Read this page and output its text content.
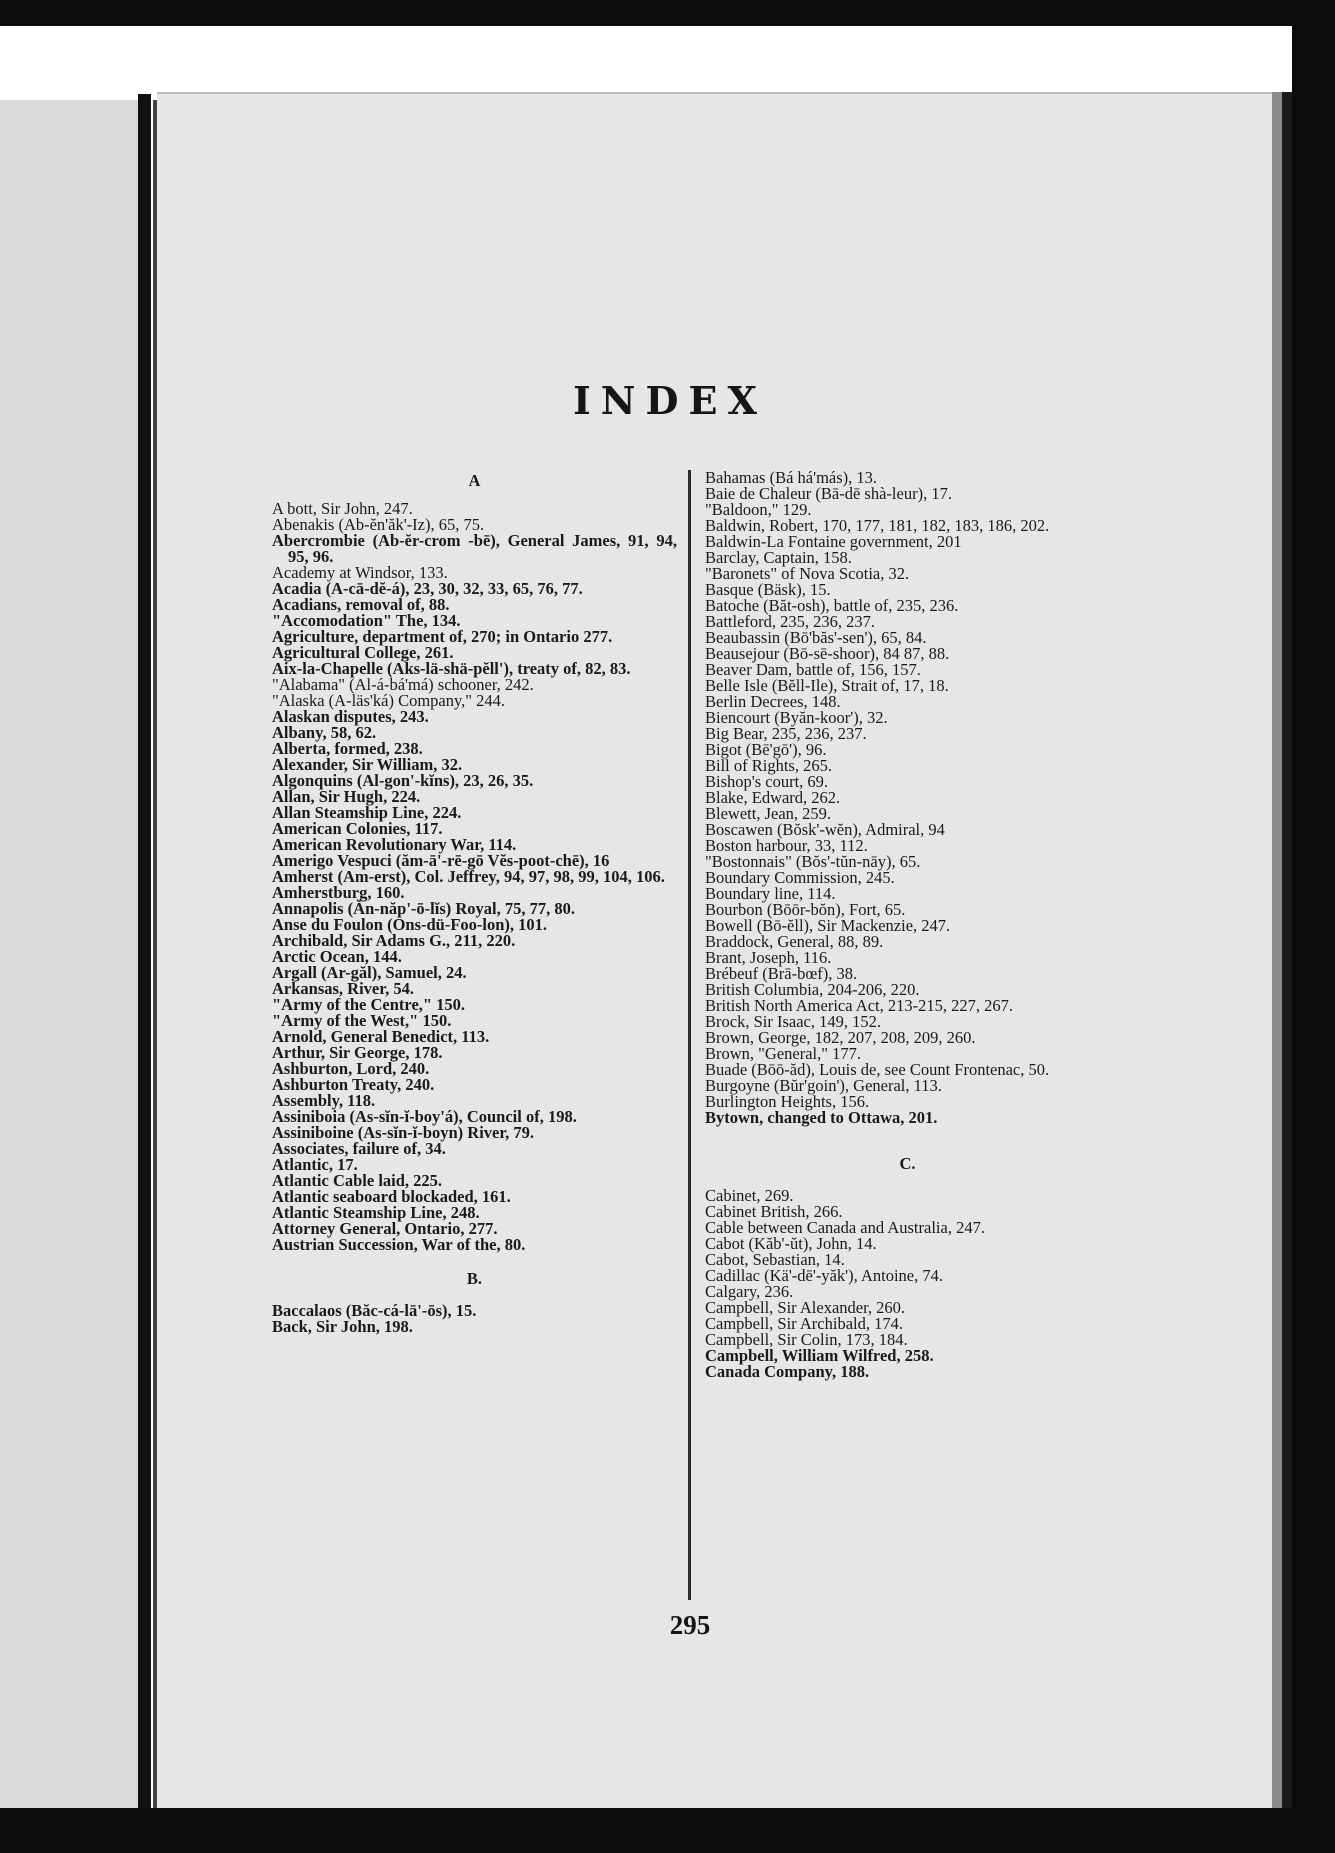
INDEX

A

A bott, Sir John, 247.

Abenakis (Ab-ĕn'ăk'-Iz), 65, 75.

Abercrombie (Ab-ĕr-crom -bē), General James, 91, 94, 95, 96.

Academy at Windsor, 133.

Acadia (A-cā-dĕ-á), 23, 30, 32, 33, 65, 76, 77.

Acadians, removal of, 88.

"Accomodation" The, 134.

Agriculture, department of, 270; in Ontario 277.

Agricultural College, 261.

Aix-la-Chapelle (Aks-lä-shä-pĕll'), treaty of, 82, 83.

"Alabama" (Al-á-bá'má) schooner, 242.

"Alaska (A-läs'ká) Company," 244.

Alaskan disputes, 243.

Albany, 58, 62.

Alberta, formed, 238.

Alexander, Sir William, 32.

Algonquins (Al-gon'-kĭns), 23, 26, 35.

Allan, Sir Hugh, 224.

Allan Steamship Line, 224.

American Colonies, 117.

American Revolutionary War, 114.

Amerigo Vespuci (ăm-ā'-rē-gō Vĕs-poot-chē), 16

Amherst (Am-erst), Col. Jeffrey, 94, 97, 98, 99, 104, 106.

Amherstburg, 160.

Annapolis (Ăn-năp'-ō-lĭs) Royal, 75, 77, 80.

Anse du Foulon (Ons-dü-Foo-lon), 101.

Archibald, Sir Adams G., 211, 220.

Arctic Ocean, 144.

Argall (Ar-găl), Samuel, 24.

Arkansas, River, 54.

"Army of the Centre," 150.

"Army of the West," 150.

Arnold, General Benedict, 113.

Arthur, Sir George, 178.

Ashburton, Lord, 240.

Ashburton Treaty, 240.

Assembly, 118.

Assiniboia (As-sĭn-ĭ-boy'á), Council of, 198.

Assiniboine (As-sĭn-ĭ-boyn) River, 79.

Associates, failure of, 34.

Atlantic, 17.

Atlantic Cable laid, 225.

Atlantic seaboard blockaded, 161.

Atlantic Steamship Line, 248.

Attorney General, Ontario, 277.

Austrian Succession, War of the, 80.

B.

Baccalaos (Băc-cá-lā'-ōs), 15.

Back, Sir John, 198.

Bahamas (Bá há'más), 13.

Baie de Chaleur (Bā-dē shà-leur), 17.

"Baldoon," 129.

Baldwin, Robert, 170, 177, 181, 182, 183, 186, 202.

Baldwin-La Fontaine government, 201

Barclay, Captain, 158.

"Baronets" of Nova Scotia, 32.

Basque (Bäsk), 15.

Batoche (Băt-osh), battle of, 235, 236.

Battleford, 235, 236, 237.

Beaubassin (Bō'băs'-sen'), 65, 84.

Beausejour (Bō-sē-shoor), 84 87, 88.

Beaver Dam, battle of, 156, 157.

Belle Isle (Bĕll-Ile), Strait of, 17, 18.

Berlin Decrees, 148.

Biencourt (Byăn-koor'), 32.

Big Bear, 235, 236, 237.

Bigot (Bē'gō'), 96.

Bill of Rights, 265.

Bishop's court, 69.

Blake, Edward, 262.

Blewett, Jean, 259.

Boscawen (Bŏsk'-wĕn), Admiral, 94

Boston harbour, 33, 112.

"Bostonnais" (Bŏs'-tŭn-nāy), 65.

Boundary Commission, 245.

Boundary line, 114.

Bourbon (Bōōr-bŏn), Fort, 65.

Bowell (Bō-ĕll), Sir Mackenzie, 247.

Braddock, General, 88, 89.

Brant, Joseph, 116.

Brébeuf (Brā-bœf), 38.

British Columbia, 204-206, 220.

British North America Act, 213-215, 227, 267.

Brock, Sir Isaac, 149, 152.

Brown, George, 182, 207, 208, 209, 260.

Brown, "General," 177.

Buade (Bōō-ăd), Louis de, see Count Frontenac, 50.

Burgoyne (Bŭr'goin'), General, 113.

Burlington Heights, 156.

Bytown, changed to Ottawa, 201.

C.

Cabinet, 269.

Cabinet British, 266.

Cable between Canada and Australia, 247.

Cabot (Kăb'-ŭt), John, 14.

Cabot, Sebastian, 14.

Cadillac (Kä'-dē'-yăk'), Antoine, 74.

Calgary, 236.

Campbell, Sir Alexander, 260.

Campbell, Sir Archibald, 174.

Campbell, Sir Colin, 173, 184.

Campbell, William Wilfred, 258.

Canada Company, 188.

295
